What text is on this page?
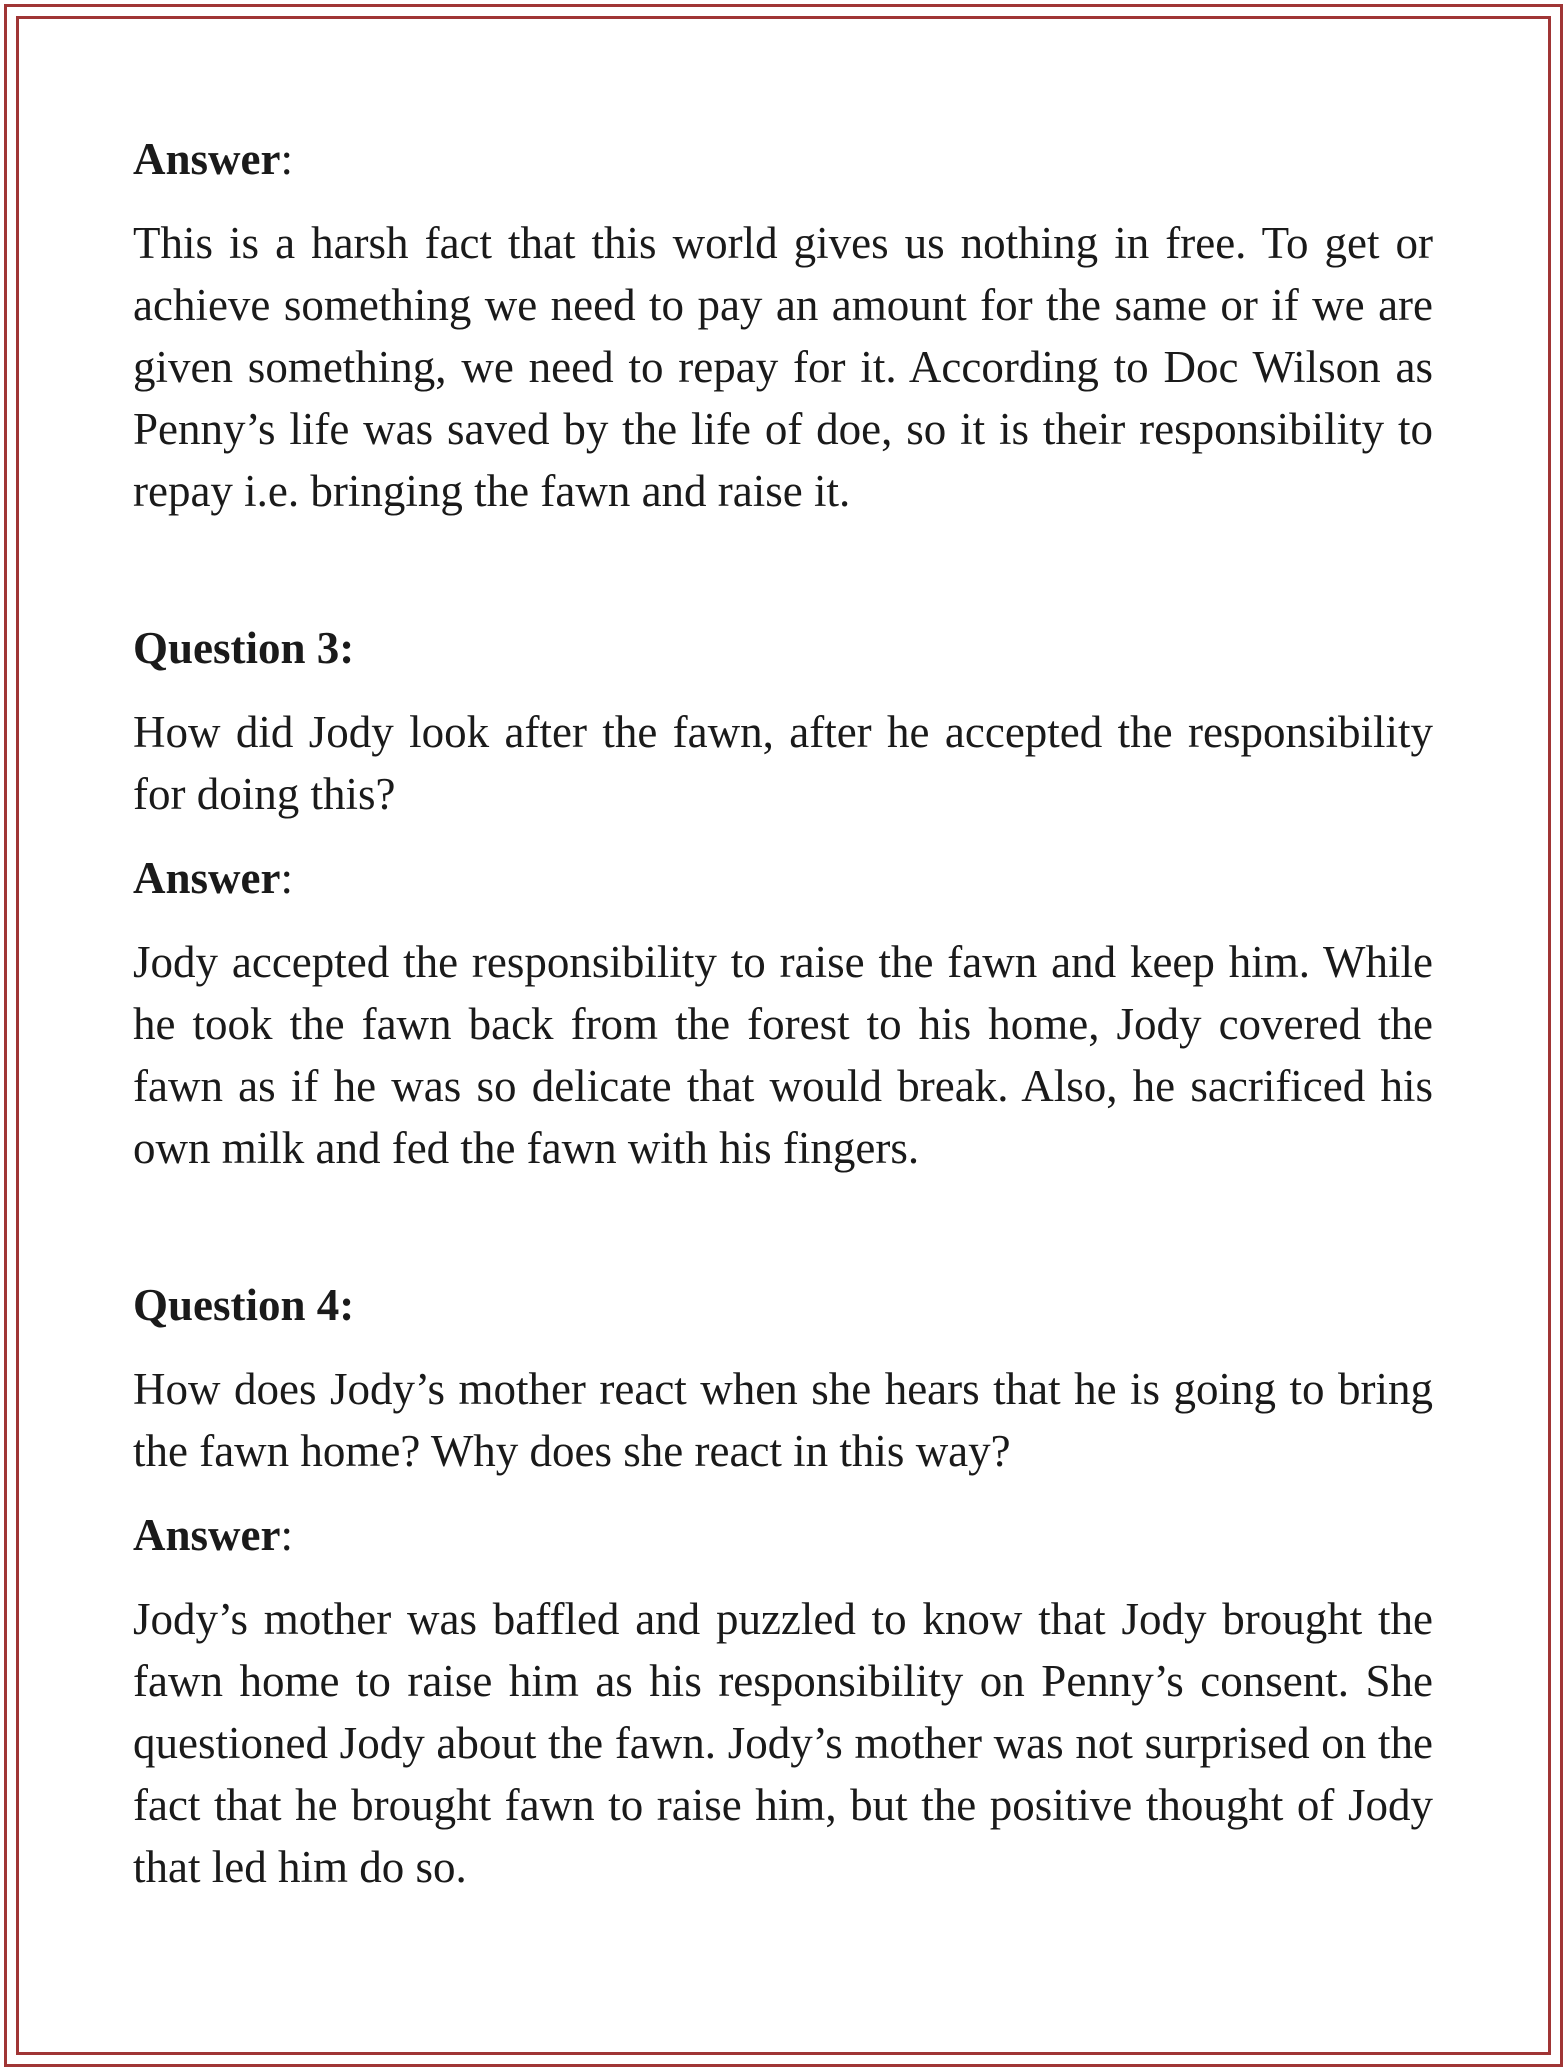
Answer:

This is a harsh fact that this world gives us nothing in free. To get or achieve something we need to pay an amount for the same or if we are given something, we need to repay for it. According to Doc Wilson as Penny’s life was saved by the life of doe, so it is their responsibility to repay i.e. bringing the fawn and raise it.

Question 3:

How did Jody look after the fawn, after he accepted the responsibility for doing this?

Answer:

Jody accepted the responsibility to raise the fawn and keep him. While he took the fawn back from the forest to his home, Jody covered the fawn as if he was so delicate that would break. Also, he sacrificed his own milk and fed the fawn with his fingers.

Question 4:

How does Jody’s mother react when she hears that he is going to bring the fawn home? Why does she react in this way?

Answer:

Jody’s mother was baffled and puzzled to know that Jody brought the fawn home to raise him as his responsibility on Penny’s consent. She questioned Jody about the fawn. Jody’s mother was not surprised on the fact that he brought fawn to raise him, but the positive thought of Jody that led him do so.
